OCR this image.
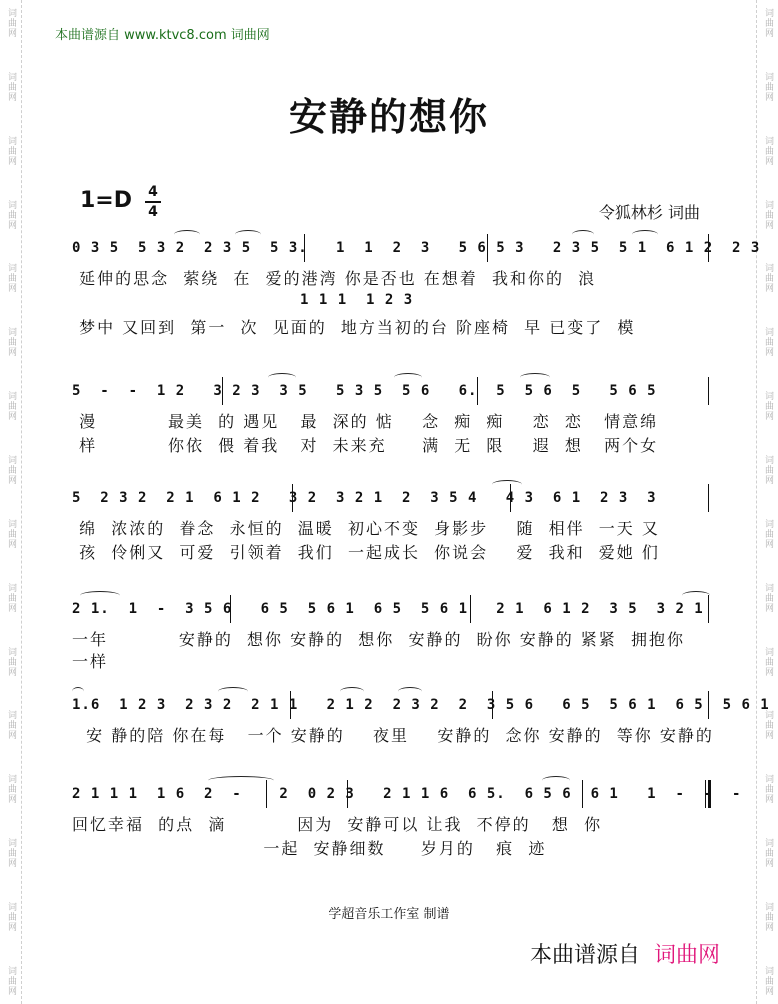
词曲网
词曲网
词曲网
词曲网
词曲网
词曲网
词曲网
词曲网
词曲网
词曲网
词曲网
词曲网
词曲网
词曲网
词曲网
词曲网
词曲网
词曲网
词曲网
词曲网
词曲网
词曲网
词曲网
词曲网
词曲网
词曲网
词曲网
词曲网
词曲网
词曲网
词曲网
词曲网
本曲谱源自 www.ktvc8.com 词曲网
安静的想你
1=D 4
4	令狐林杉 词曲
0 3 5  5 3 2  2 3 5  5 3.   1  1  2  3   5 6 5 3   2 3 5  5 1  6 1 2  2 3
延伸的思念  萦绕  在  爱的港湾 你是否也 在想着  我和你的  浪
梦中 又回到  第一  次  见面的  地方当初的台 阶座椅  早 已变了  模
1 1 1  1 2 3
5  -  -  1 2   3 2 3  3 5   5 3 5  5 6   6.  5  5 6  5   5 6 5
漫          最美  的 遇见   最  深的 惦    念  痴  痴    恋  恋   情意绵
样          你依  偎 着我   对  未来充     满  无  限    遐  想   两个女
5  2 3 2  2 1  6 1 2   3 2  3 2 1  2  3 5 4   4 3  6 1  2 3  3
绵  浓浓的  眷念  永恒的  温暖  初心不变  身影步    随  相伴  一天 又
孩  伶俐又  可爱  引领着  我们  一起成长  你说会    爱  我和  爱她 们
2 1.  1  -  3 5 6   6 5  5 6 1  6 5  5 6 1   2 1  6 1 2  3 5  3 2 1
一年          安静的  想你 安静的  想你  安静的  盼你 安静的 紧紧  拥抱你
一样
1.6  1 2 3  2 3 2  2 1 1   2 1 2  2 3 2  2  3 5 6   6 5  5 6 1  6 5  5 6 1
安 静的陪 你在每   一个 安静的    夜里    安静的  念你 安静的  等你 安静的
2 1 1 1  1 6  2  -    2  0 2 3   2 1 1 6  6 5.  6 5 6  6 1   1  -  -  -
回忆幸福  的点  滴          因为  安静可以 让我  不停的   想  你
一起  安静细数     岁月的   痕  迹
学超音乐工作室 制谱
本曲谱源自 词曲网
